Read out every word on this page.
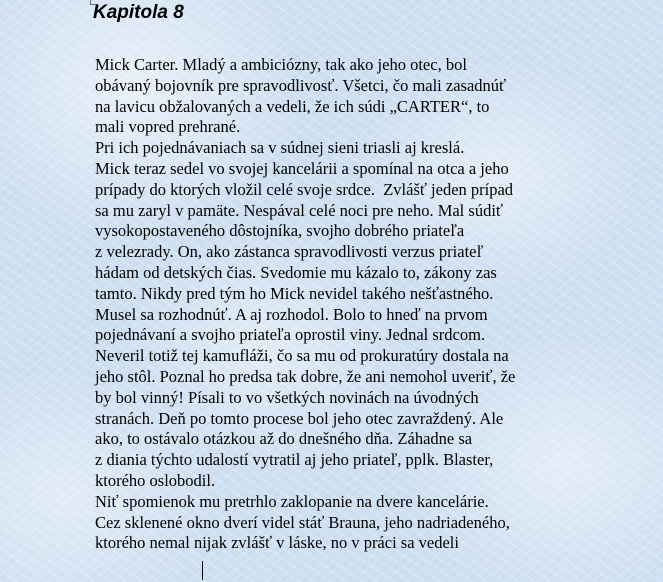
Kapitola 8
Mick Carter. Mladý a ambiciózny, tak ako jeho otec, bol
obávaný bojovník pre spravodlivosť. Všetci, čo mali zasadnúť
na lavicu obžalovaných a vedeli, že ich súdi „CARTER“, to
mali vopred prehrané.
Pri ich pojednávaniach sa v súdnej sieni triasli aj kreslá.
Mick teraz sedel vo svojej kancelárii a spomínal na otca a jeho
prípady do ktorých vložil celé svoje srdce.  Zvlášť jeden prípad
sa mu zaryl v pamäte. Nespával celé noci pre neho. Mal súdiť
vysokopostaveného dôstojníka, svojho dobrého priateľa
z velezrady. On, ako zástanca spravodlivosti verzus priateľ
hádam od detských čias. Svedomie mu kázalo to, zákony zas
tamto. Nikdy pred tým ho Mick nevidel takého nešťastného.
Musel sa rozhodnúť. A aj rozhodol. Bolo to hneď na prvom
pojednávaní a svojho priateľa oprostil viny. Jednal srdcom.
Neveril totiž tej kamufláži, čo sa mu od prokuratúry dostala na
jeho stôl. Poznal ho predsa tak dobre, že ani nemohol uveriť, že
by bol vinný! Písali to vo všetkých novinách na úvodných
stranách. Deň po tomto procese bol jeho otec zavraždený. Ale
ako, to ostávalo otázkou až do dnešného dňa. Záhadne sa
z diania týchto udalostí vytratil aj jeho priateľ, pplk. Blaster,
ktorého oslobodil.
Niť spomienok mu pretrhlo zaklopanie na dvere kancelárie.
Cez sklenené okno dverí videl stáť Brauna, jeho nadriadeného,
ktorého nemal nijak zvlášť v láske, no v práci sa vedeli
